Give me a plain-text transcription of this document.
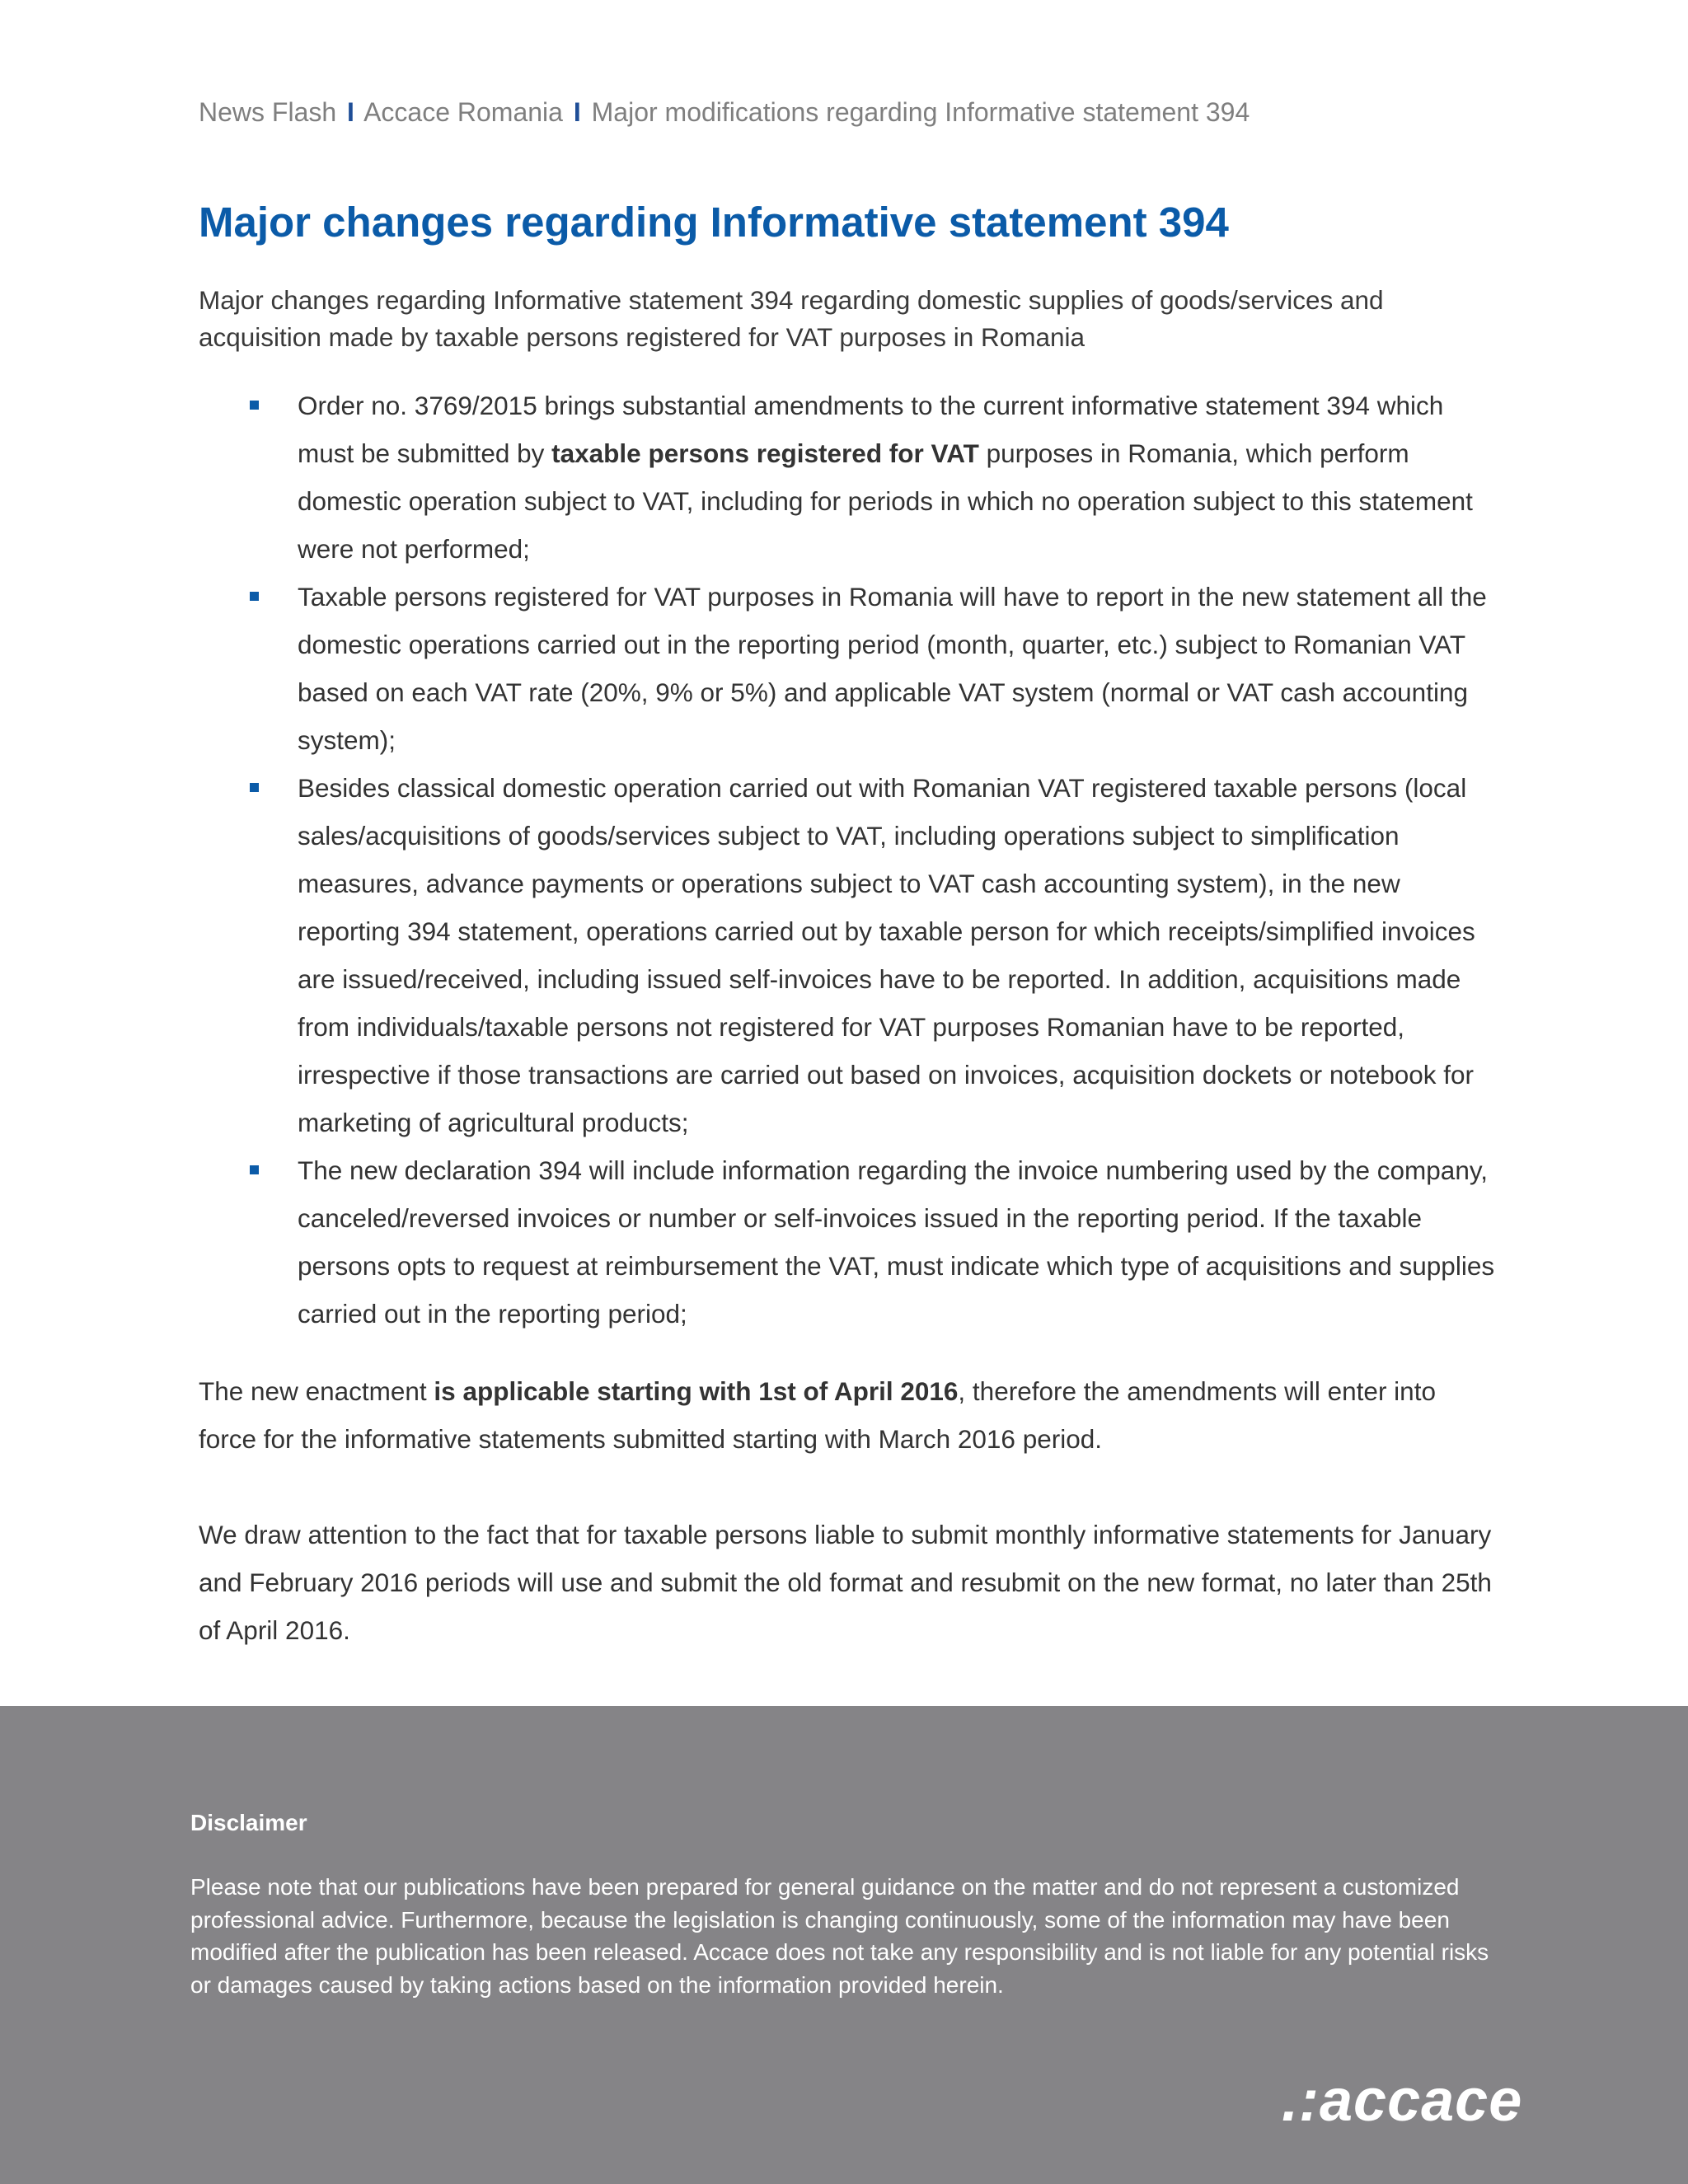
News Flash I Accace Romania I Major modifications regarding Informative statement 394
Major changes regarding Informative statement 394

Major changes regarding Informative statement 394 regarding domestic supplies of goods/services and acquisition made by taxable persons registered for VAT purposes in Romania

Order no. 3769/2015 brings substantial amendments to the current informative statement 394 which must be submitted by taxable persons registered for VAT purposes in Romania, which perform domestic operation subject to VAT, including for periods in which no operation subject to this statement were not performed;
Taxable persons registered for VAT purposes in Romania will have to report in the new statement all the domestic operations carried out in the reporting period (month, quarter, etc.) subject to Romanian VAT based on each VAT rate (20%, 9% or 5%) and applicable VAT system (normal or VAT cash accounting system);
Besides classical domestic operation carried out with Romanian VAT registered taxable persons (local sales/acquisitions of goods/services subject to VAT, including operations subject to simplification measures, advance payments or operations subject to VAT cash accounting system), in the new reporting 394 statement, operations carried out by taxable person for which receipts/simplified invoices are issued/received, including issued self-invoices have to be reported. In addition, acquisitions made from individuals/taxable persons not registered for VAT purposes Romanian have to be reported, irrespective if those transactions are carried out based on invoices, acquisition dockets or notebook for marketing of agricultural products;
The new declaration 394 will include information regarding the invoice numbering used by the company, canceled/reversed invoices or number or self-invoices issued in the reporting period. If the taxable persons opts to request at reimbursement the VAT, must indicate which type of acquisitions and supplies carried out in the reporting period;

The new enactment is applicable starting with 1st of April 2016, therefore the amendments will enter into force for the informative statements submitted starting with March 2016 period.

We draw attention to the fact that for taxable persons liable to submit monthly informative statements for January and February 2016 periods will use and submit the old format and resubmit on the new format, no later than 25th of April 2016.

Disclaimer

Please note that our publications have been prepared for general guidance on the matter and do not represent a customized professional advice. Furthermore, because the legislation is changing continuously, some of the information may have been modified after the publication has been released. Accace does not take any responsibility and is not liable for any potential risks or damages caused by taking actions based on the information provided herein.

.:accace
